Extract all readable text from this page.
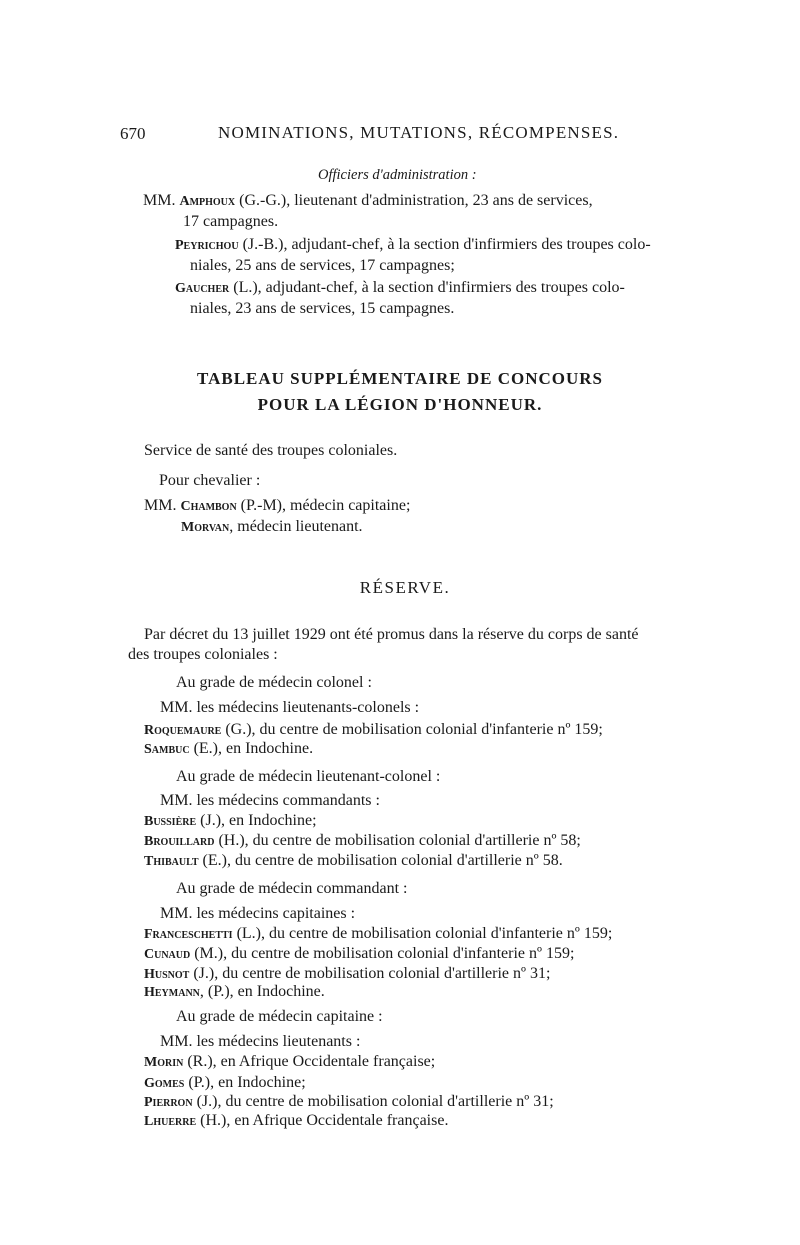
670	NOMINATIONS, MUTATIONS, RÉCOMPENSES.
Officiers d'administration :
MM. Amphoux (G.-G.), lieutenant d'administration, 23 ans de services,
17 campagnes.
Peyrichou (J.-B.), adjudant-chef, à la section d'infirmiers des troupes colo-
niales, 25 ans de services, 17 campagnes;
Gaucher (L.), adjudant-chef, à la section d'infirmiers des troupes colo-
niales, 23 ans de services, 15 campagnes.
TABLEAU SUPPLÉMENTAIRE DE CONCOURS
POUR LA LÉGION D'HONNEUR.
Service de santé des troupes coloniales.
Pour chevalier :
MM. Chambon (P.-M), médecin capitaine;
Morvan, médecin lieutenant.
RÉSERVE.
Par décret du 13 juillet 1929 ont été promus dans la réserve du corps de santé
des troupes coloniales :
Au grade de médecin colonel :
MM. les médecins lieutenants-colonels :
Roquemaure (G.), du centre de mobilisation colonial d'infanterie nº 159;
Sambuc (E.), en Indochine.
Au grade de médecin lieutenant-colonel :
MM. les médecins commandants :
Bussière (J.), en Indochine;
Brouillard (H.), du centre de mobilisation colonial d'artillerie nº 58;
Thibault (E.), du centre de mobilisation colonial d'artillerie nº 58.
Au grade de médecin commandant :
MM. les médecins capitaines :
Franceschetti (L.), du centre de mobilisation colonial d'infanterie nº 159;
Cunaud (M.), du centre de mobilisation colonial d'infanterie nº 159;
Husnot (J.), du centre de mobilisation colonial d'artillerie nº 31;
Heymann, (P.), en Indochine.
Au grade de médecin capitaine :
MM. les médecins lieutenants :
Morin (R.), en Afrique Occidentale française;
Gomes (P.), en Indochine;
Pierron (J.), du centre de mobilisation colonial d'artillerie nº 31;
Lhuerre (H.), en Afrique Occidentale française.
